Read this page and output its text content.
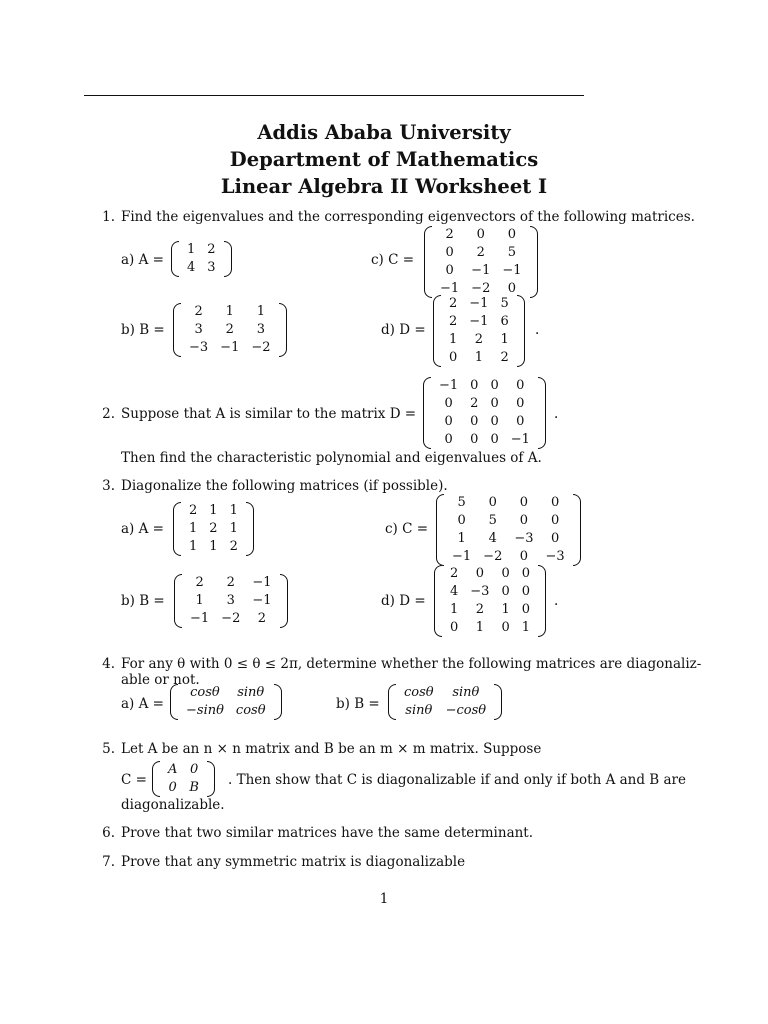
Addis Ababa University
Department of Mathematics
Linear Algebra II Worksheet I
1. Find the eigenvalues and the corresponding eigenvectors of the following matrices.
a) A =
1	2
4	3	c) C =
2	0	0
0	2	5
0	−1	−1
−1	−2	0
b) B =
2	1	1
3	2	3
−3	−1	−2
d) D =
2	−1	5
2	−1	6
1	2	1
0	1	2
.
2. Suppose that A is similar to the matrix D =
−1	0	0	0
0	2	0	0
0	0	0	0
0	0	0	−1
.
Then find the characteristic polynomial and eigenvalues of A.
3. Diagonalize the following matrices (if possible).
a) A =
2	1	1
1	2	1
1	1	2
c) C =
5	0	0	0
0	5	0	0
1	4	−3	0
−1	−2	0	−3
b) B =
2	2	−1
1	3	−1
−1	−2	2
d) D =
2	0	0	0
4	−3	0	0
1	2	1	0
0	1	0	1
.
4. For any θ with 0 ≤ θ ≤ 2π, determine whether the following matrices are diagonaliz-
able or not.
a) A =
cosθ	sinθ
−sinθ	cosθ	b) B =
cosθ	sinθ
sinθ	−cosθ
5. Let A be an n × n matrix and B be an m × m matrix. Suppose
C =
A	0
0	B . Then show that C is diagonalizable if and only if both A and B are
diagonalizable.
6. Prove that two similar matrices have the same determinant.
7. Prove that any symmetric matrix is diagonalizable
1
